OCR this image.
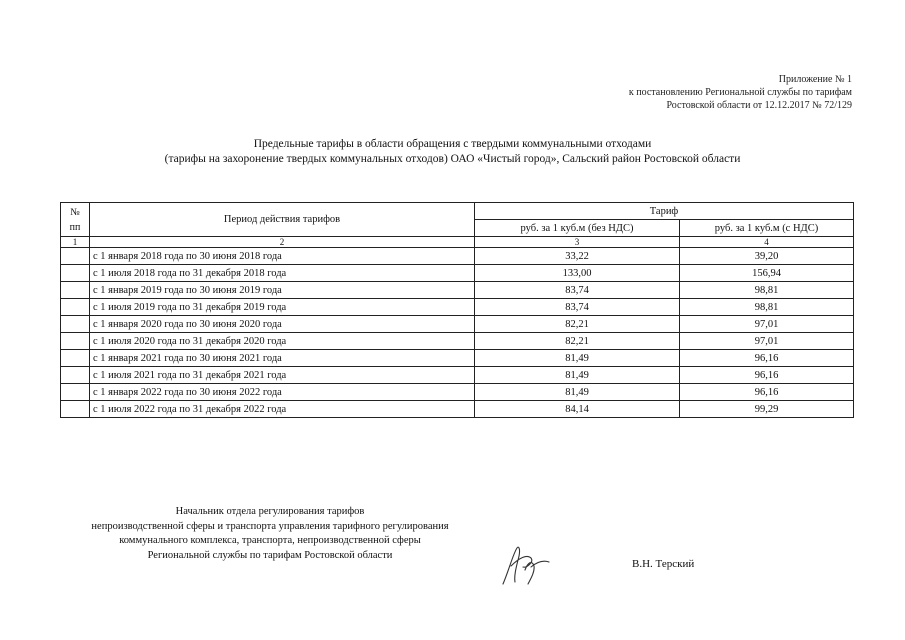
Приложение № 1
к постановлению Региональной службы по тарифам
Ростовской области от 12.12.2017 № 72/129
Предельные тарифы в области обращения с твердыми коммунальными отходами
(тарифы на захоронение твердых коммунальных отходов) ОАО «Чистый город», Сальский район Ростовской области
№
пп	Период действия тарифов	Тариф	
		руб. за 1 куб.м (без НДС)	руб. за 1 куб.м (с НДС)
1	2	3	4
	с 1 января 2018 года по 30 июня 2018 года	33,22	39,20
	с 1 июля 2018 года по 31 декабря 2018 года	133,00	156,94
	с 1 января 2019 года по 30 июня 2019 года	83,74	98,81
	с 1 июля 2019 года по 31 декабря 2019 года	83,74	98,81
	с 1 января 2020 года по 30 июня 2020 года	82,21	97,01
	с 1 июля 2020 года по 31 декабря 2020 года	82,21	97,01
	с 1 января 2021 года по 30 июня 2021 года	81,49	96,16
	с 1 июля 2021 года по 31 декабря 2021 года	81,49	96,16
	с 1 января 2022 года по 30 июня 2022 года	81,49	96,16
	с 1 июля 2022 года по 31 декабря 2022 года	84,14	99,29
Начальник отдела регулирования тарифов
непроизводственной сферы и транспорта управления тарифного регулирования
коммунального комплекса, транспорта, непроизводственной сферы
Региональной службы по тарифам Ростовской области
В.Н. Терский
